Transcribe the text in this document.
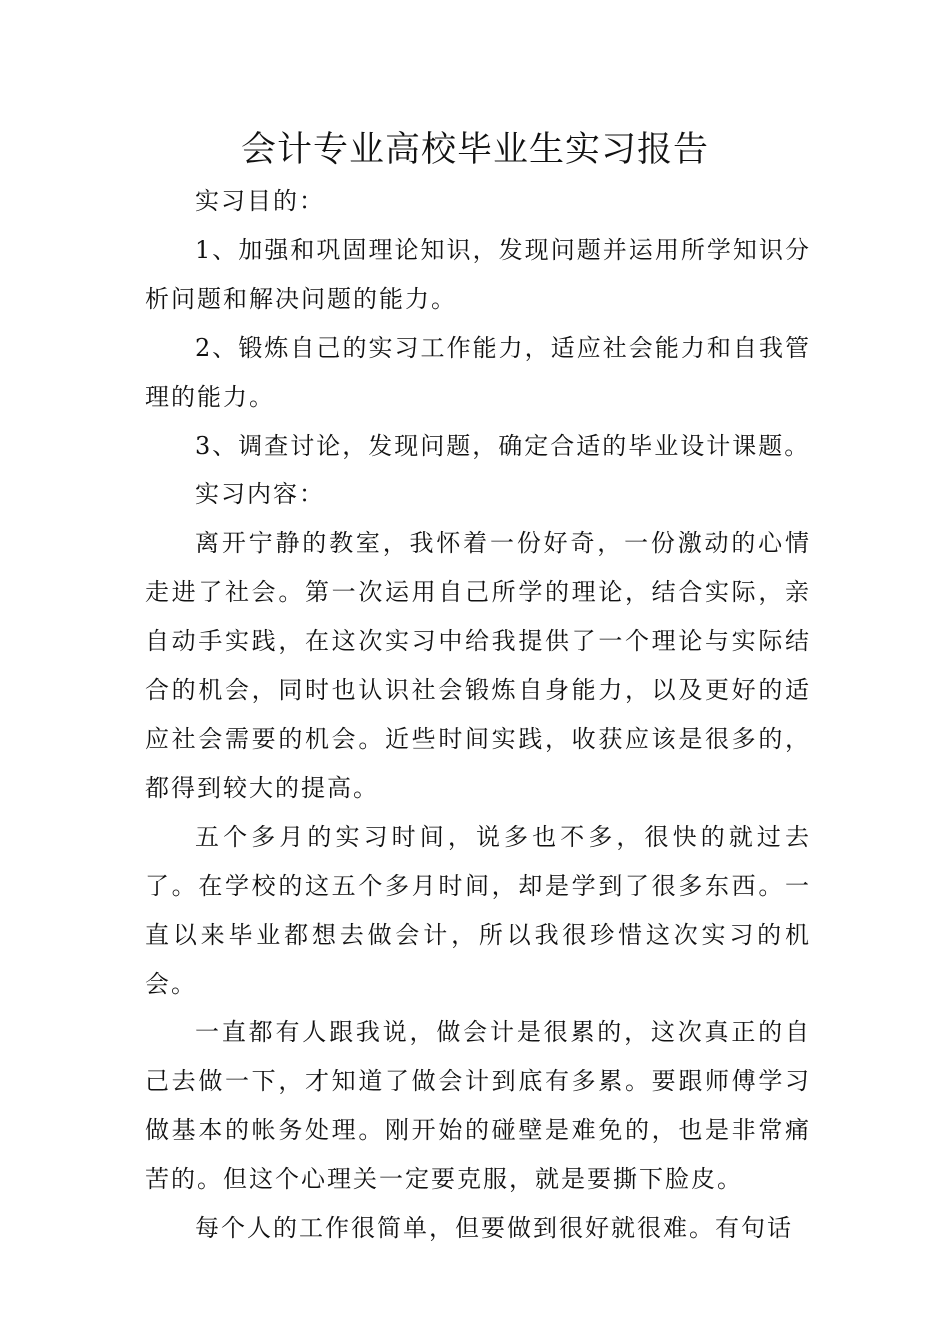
会计专业高校毕业生实习报告

实习目的：

1、加强和巩固理论知识，发现问题并运用所学知识分析问题和解决问题的能力。

2、锻炼自己的实习工作能力，适应社会能力和自我管理的能力。

3、调查讨论，发现问题，确定合适的毕业设计课题。

实习内容：

离开宁静的教室，我怀着一份好奇，一份激动的心情走进了社会。第一次运用自己所学的理论，结合实际，亲自动手实践，在这次实习中给我提供了一个理论与实际结合的机会，同时也认识社会锻炼自身能力，以及更好的适应社会需要的机会。近些时间实践，收获应该是很多的，都得到较大的提高。

五个多月的实习时间，说多也不多，很快的就过去了。在学校的这五个多月时间，却是学到了很多东西。一直以来毕业都想去做会计，所以我很珍惜这次实习的机会。

一直都有人跟我说，做会计是很累的，这次真正的自己去做一下，才知道了做会计到底有多累。要跟师傅学习做基本的帐务处理。刚开始的碰壁是难免的，也是非常痛苦的。但这个心理关一定要克服，就是要撕下脸皮。

每个人的工作很简单，但要做到很好就很难。有句话
